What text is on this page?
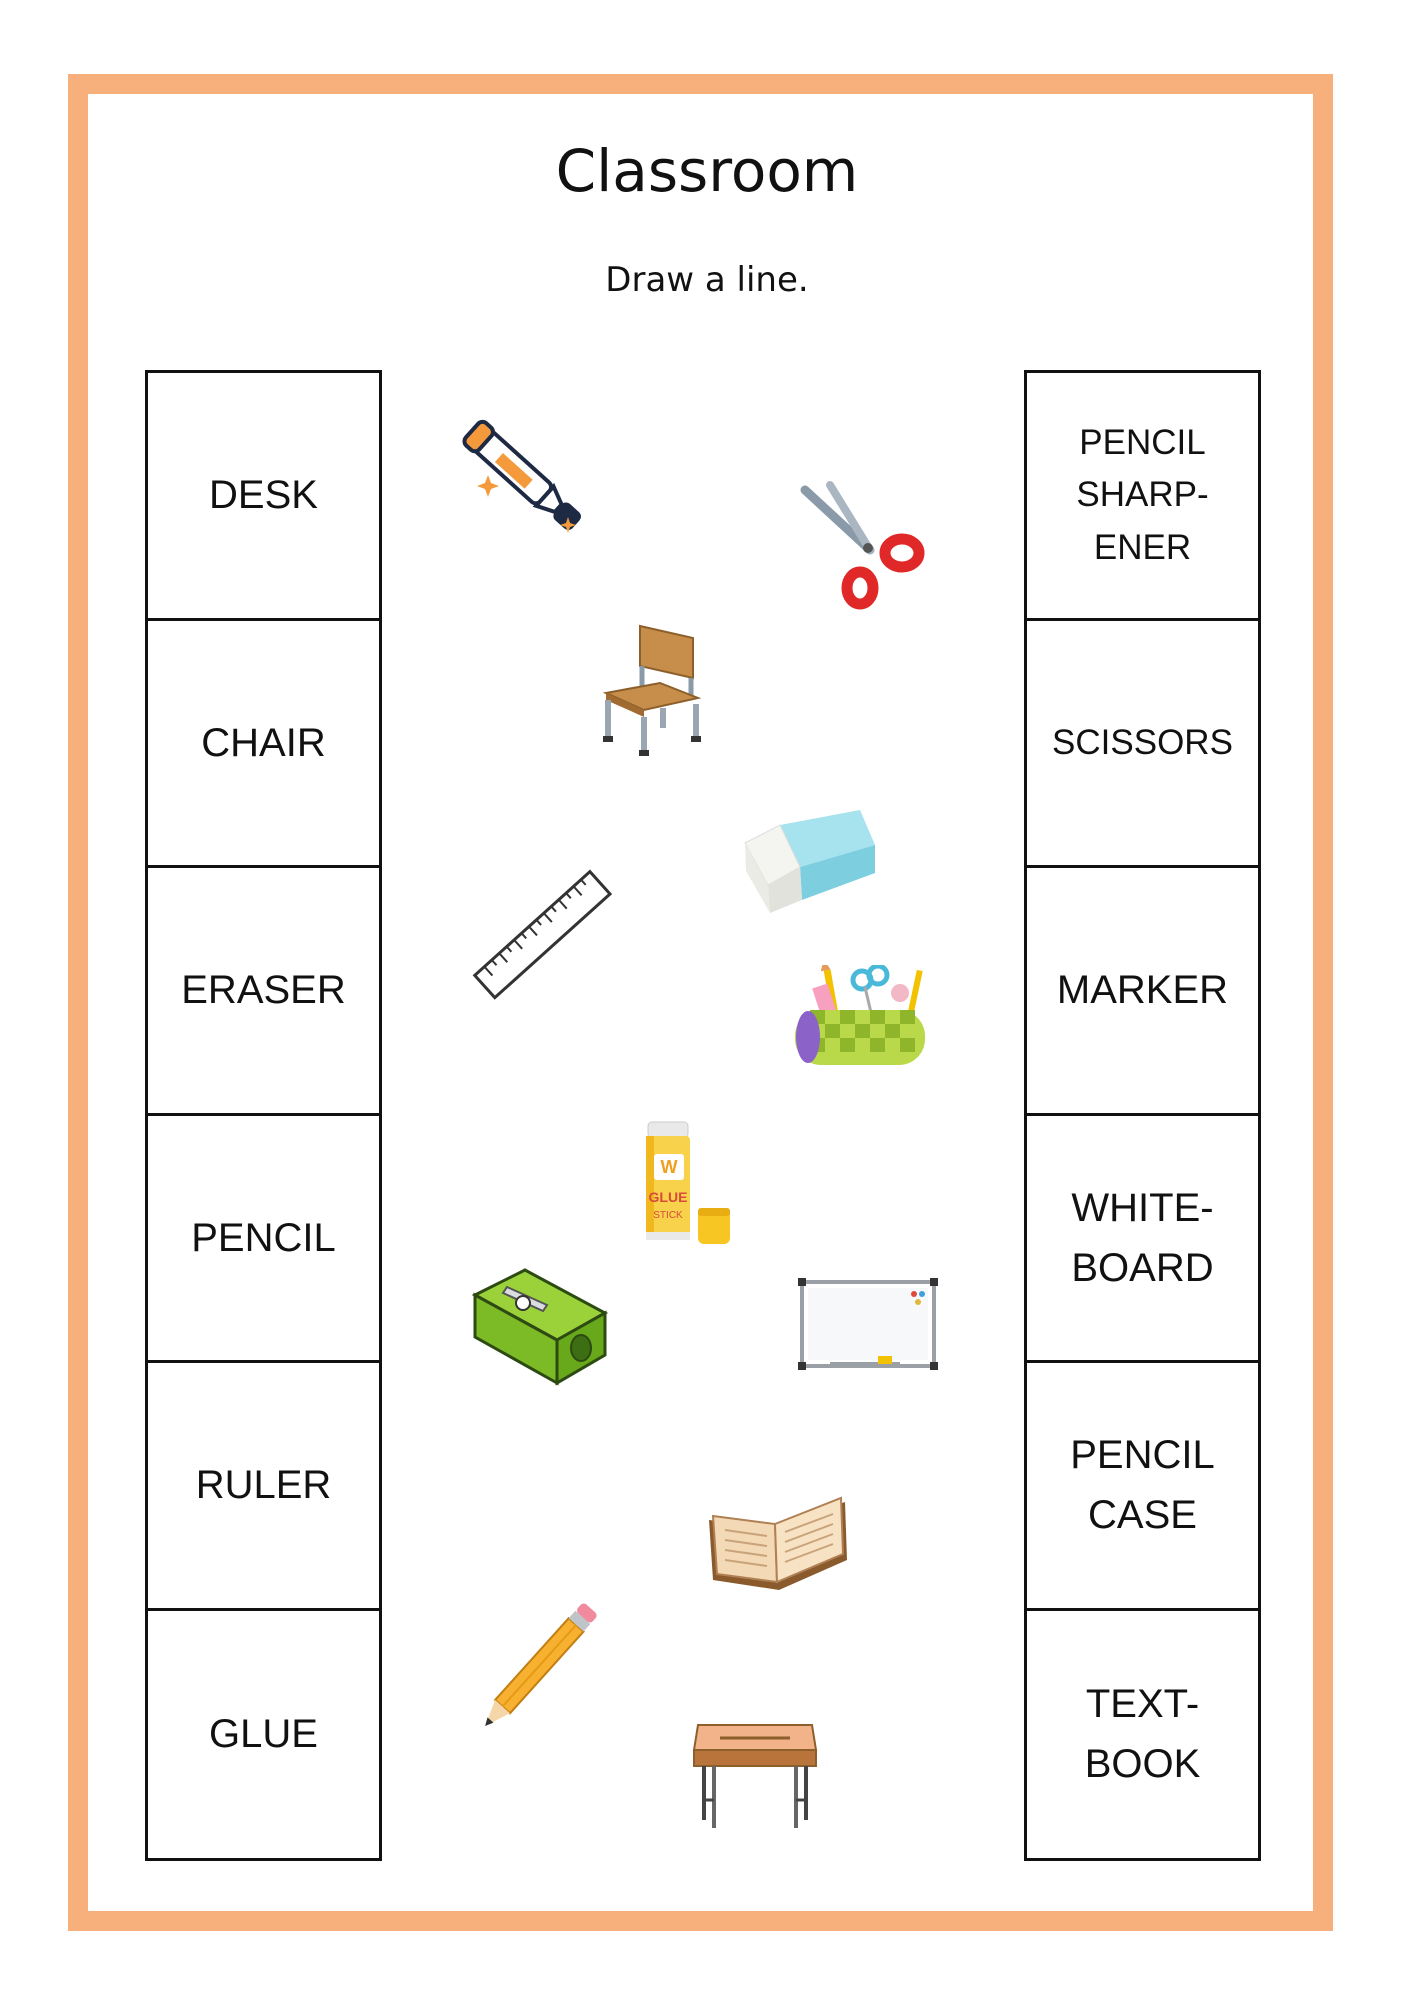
Classroom
Draw a line.
DESK
CHAIR
ERASER
PENCIL
RULER
GLUE
PENCIL
SHARP-
ENER
SCISSORS
MARKER
WHITE-
BOARD
PENCIL
CASE
TEXT-
BOOK
W
GLUE
STICK
